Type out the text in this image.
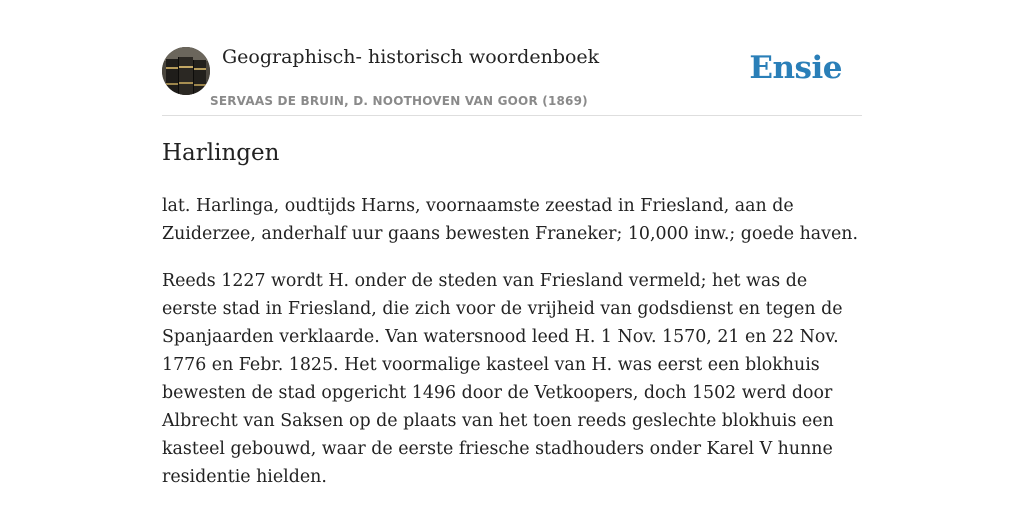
Geographisch- historisch woordenboek
SERVAAS DE BRUIN, D. NOOTHOVEN VAN GOOR (1869)
Ensie
Harlingen

lat. Harlinga, oudtijds Harns, voornaamste zeestad in Friesland, aan de Zuiderzee, anderhalf uur gaans bewesten Franeker; 10,000 inw.; goede haven.

Reeds 1227 wordt H. onder de steden van Friesland vermeld; het was de eerste stad in Friesland, die zich voor de vrijheid van godsdienst en tegen de Spanjaarden verklaarde. Van watersnood leed H. 1 Nov. 1570, 21 en 22 Nov. 1776 en Febr. 1825. Het voormalige kasteel van H. was eerst een blokhuis bewesten de stad opgericht 1496 door de Vetkoopers, doch 1502 werd door Albrecht van Saksen op de plaats van het toen reeds geslechte blokhuis een kasteel gebouwd, waar de eerste friesche stadhouders onder Karel V hunne residentie hielden.
